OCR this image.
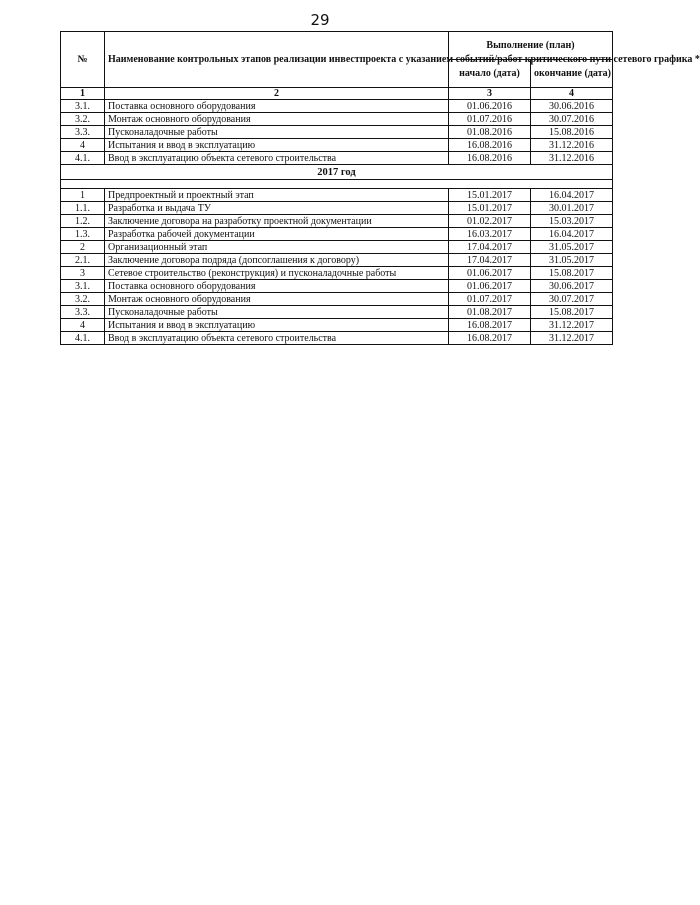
29
№	Наименование контрольных этапов реализации инвестпроекта с указанием событий/работ критического пути сетевого графика *	Выполнение (план)	
		начало (дата)	окончание (дата)
1	2	3	4
3.1.	Поставка основного оборудования	01.06.2016	30.06.2016
3.2.	Монтаж основного оборудования	01.07.2016	30.07.2016
3.3.	Пусконаладочные работы	01.08.2016	15.08.2016
4	Испытания и ввод в эксплуатацию	16.08.2016	31.12.2016
4.1.	Ввод в эксплуатацию объекта сетевого строительства	16.08.2016	31.12.2016
2017 год			

1	Предпроектный и проектный этап	15.01.2017	16.04.2017
1.1.	Разработка и выдача ТУ	15.01.2017	30.01.2017
1.2.	Заключение договора на разработку проектной документации	01.02.2017	15.03.2017
1.3.	Разработка рабочей документации	16.03.2017	16.04.2017
2	Организационный этап	17.04.2017	31.05.2017
2.1.	Заключение договора подряда (допсоглашения к договору)	17.04.2017	31.05.2017
3	Сетевое строительство (реконструкция) и пусконаладочные работы	01.06.2017	15.08.2017
3.1.	Поставка основного оборудования	01.06.2017	30.06.2017
3.2.	Монтаж основного оборудования	01.07.2017	30.07.2017
3.3.	Пусконаладочные работы	01.08.2017	15.08.2017
4	Испытания и ввод в эксплуатацию	16.08.2017	31.12.2017
4.1.	Ввод в эксплуатацию объекта сетевого строительства	16.08.2017	31.12.2017
